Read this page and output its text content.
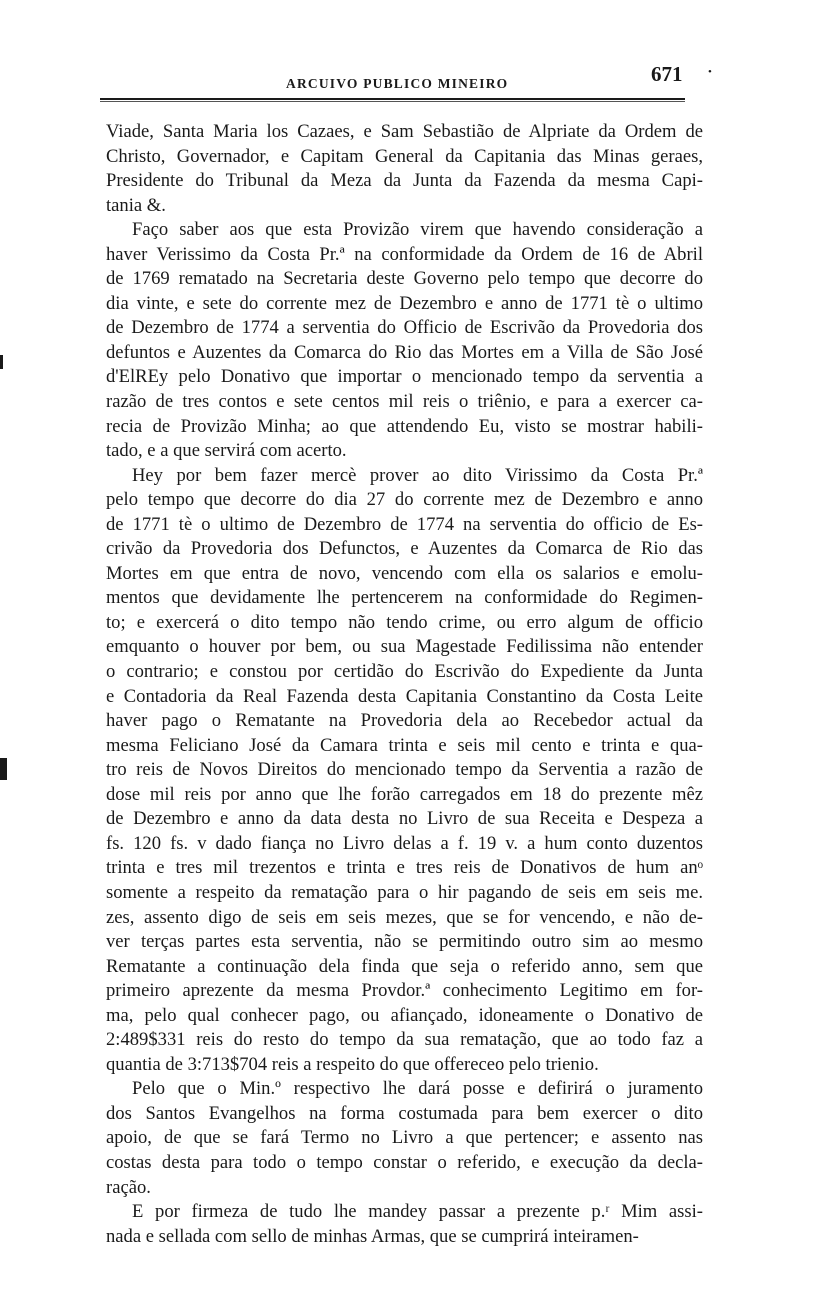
ARCUIVO PUBLICO MINEIRO	671 •
Viade, Santa Maria los Cazaes, e Sam Sebastião de Alpriate da Ordem de
Christo, Governador, e Capitam General da Capitania das Minas geraes,
Presidente do Tribunal da Meza da Junta da Fazenda da mesma Capi-
tania &.
Faço saber aos que esta Provizão virem que havendo consideração a
haver Verissimo da Costa Pr.ª na conformidade da Ordem de 16 de Abril
de 1769 rematado na Secretaria deste Governo pelo tempo que decorre do
dia vinte, e sete do corrente mez de Dezembro e anno de 1771 tè o ultimo
de Dezembro de 1774 a serventia do Officio de Escrivão da Provedoria dos
defuntos e Auzentes da Comarca do Rio das Mortes em a Villa de São José
d'ElREy pelo Donativo que importar o mencionado tempo da serventia a
razão de tres contos e sete centos mil reis o triênio, e para a exercer ca-
recia de Provizão Minha; ao que attendendo Eu, visto se mostrar habili-
tado, e a que servirá com acerto.
Hey por bem fazer mercè prover ao dito Virissimo da Costa Pr.ª
pelo tempo que decorre do dia 27 do corrente mez de Dezembro e anno
de 1771 tè o ultimo de Dezembro de 1774 na serventia do officio de Es-
crivão da Provedoria dos Defunctos, e Auzentes da Comarca de Rio das
Mortes em que entra de novo, vencendo com ella os salarios e emolu-
mentos que devidamente lhe pertencerem na conformidade do Regimen-
to; e exercerá o dito tempo não tendo crime, ou erro algum de officio
emquanto o houver por bem, ou sua Magestade Fedilissima não entender
o contrario; e constou por certidão do Escrivão do Expediente da Junta
e Contadoria da Real Fazenda desta Capitania Constantino da Costa Leite
haver pago o Rematante na Provedoria dela ao Recebedor actual da
mesma Feliciano José da Camara trinta e seis mil cento e trinta e qua-
tro reis de Novos Direitos do mencionado tempo da Serventia a razão de
dose mil reis por anno que lhe forão carregados em 18 do prezente mêz
de Dezembro e anno da data desta no Livro de sua Receita e Despeza a
fs. 120 fs. v dado fiança no Livro delas a f. 19 v. a hum conto duzentos
trinta e tres mil trezentos e trinta e tres reis de Donativos de hum anᵒ
somente a respeito da rematação para o hir pagando de seis em seis me.
zes, assento digo de seis em seis mezes, que se for vencendo, e não de-
ver terças partes esta serventia, não se permitindo outro sim ao mesmo
Rematante a continuação dela finda que seja o referido anno, sem que
primeiro aprezente da mesma Provdor.ª conhecimento Legitimo em for-
ma, pelo qual conhecer pago, ou afiançado, idoneamente o Donativo de
2:489$331 reis do resto do tempo da sua rematação, que ao todo faz a
quantia de 3:713$704 reis a respeito do que offereceo pelo trienio.
Pelo que o Min.º respectivo lhe dará posse e defirirá o juramento
dos Santos Evangelhos na forma costumada para bem exercer o dito
apoio, de que se fará Termo no Livro a que pertencer; e assento nas
costas desta para todo o tempo constar o referido, e execução da decla-
ração.
E por firmeza de tudo lhe mandey passar a prezente p.ʳ Mim assi-
nada e sellada com sello de minhas Armas, que se cumprirá inteiramen-
